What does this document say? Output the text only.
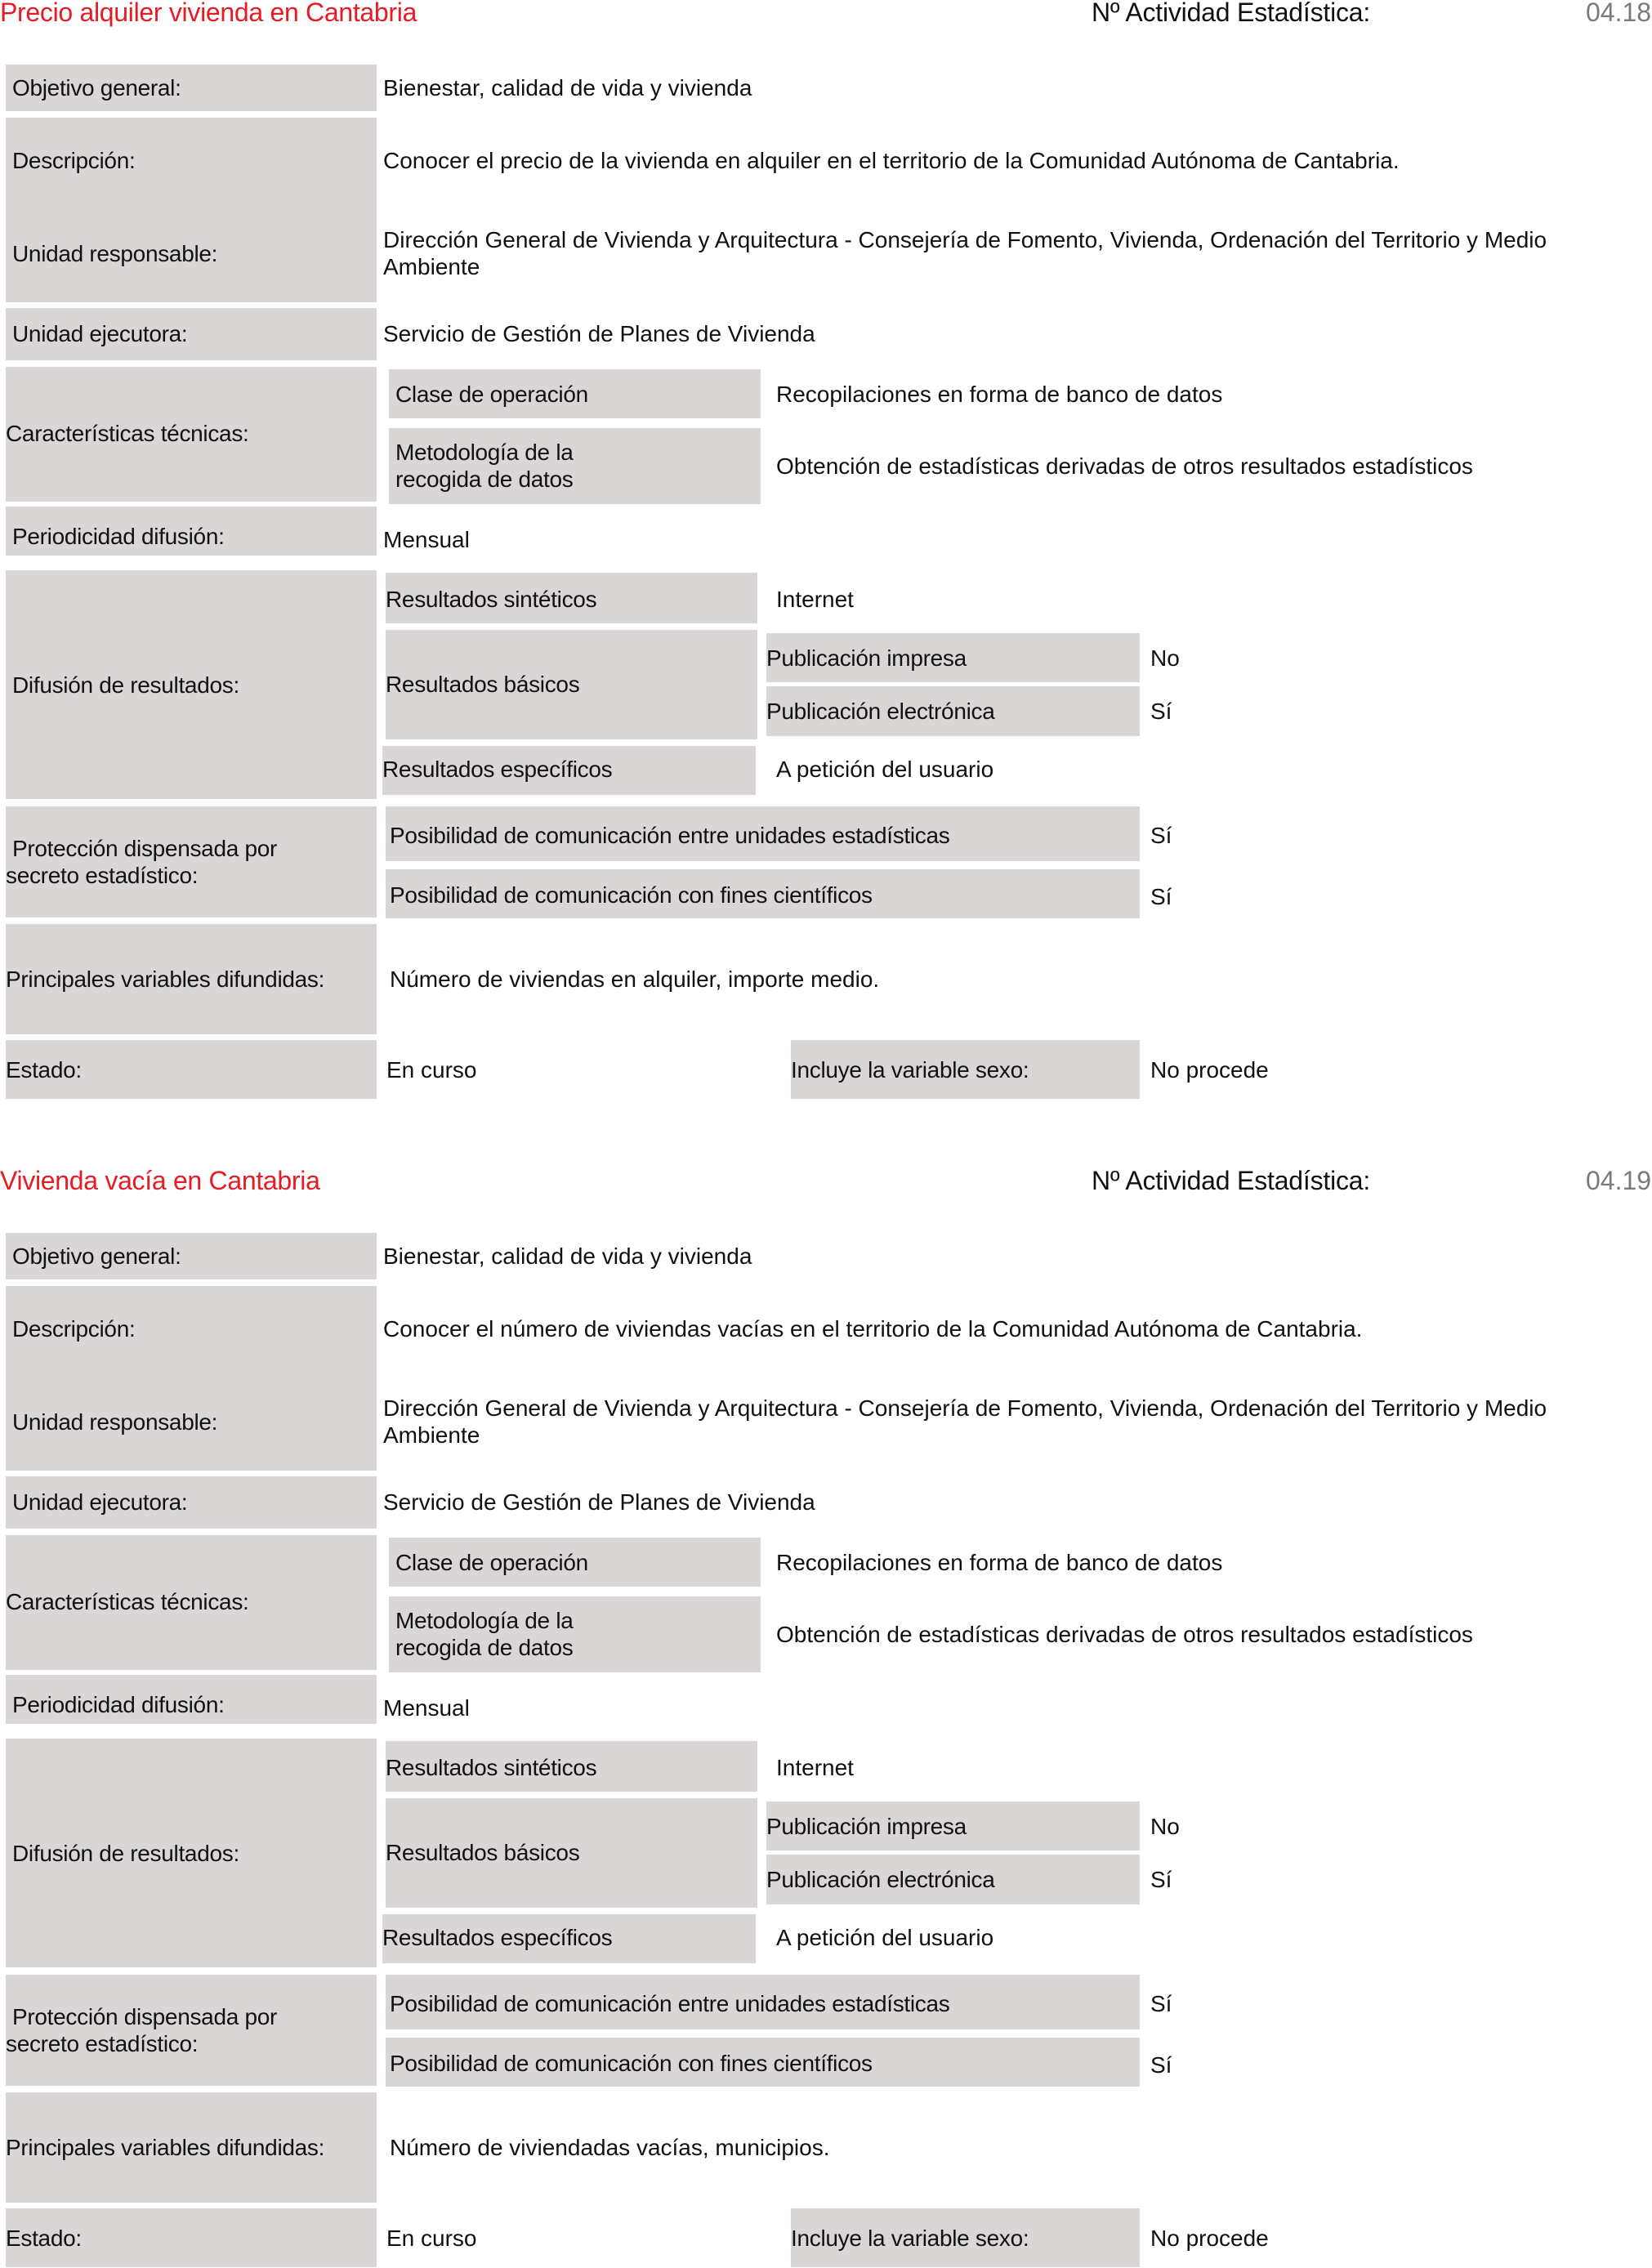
Precio alquiler vivienda en Cantabria	Nº Actividad Estadística:	04.18
Objetivo general:	Bienestar, calidad de vida y vivienda
Descripción:	Conocer el precio de la vivienda en alquiler en el territorio de la Comunidad Autónoma de Cantabria.
Unidad responsable:
Dirección General de Vivienda y Arquitectura - Consejería de Fomento, Vivienda, Ordenación del Territorio y Medio
Ambiente
Unidad ejecutora:	Servicio de Gestión de Planes de Vivienda
Características técnicas:
Clase de operación	Recopilaciones en forma de banco de datos
Metodología de la
recogida de datos
Obtención de estadísticas derivadas de otros resultados estadísticos
Periodicidad difusión:	Mensual
Difusión de resultados:
Resultados sintéticos	Internet
Resultados básicos
Publicación impresa	No
Publicación electrónica	Sí
Resultados específicos	A petición del usuario
Protección dispensada por
secreto estadístico:
Posibilidad de comunicación entre unidades estadísticas	Sí
Posibilidad de comunicación con fines científicos	Sí
Principales variables difundidas:	Número de viviendas en alquiler, importe medio.
Estado:	En curso	Incluye la variable sexo:	No procede
Vivienda vacía en Cantabria	Nº Actividad Estadística:	04.19
Objetivo general:	Bienestar, calidad de vida y vivienda
Descripción:	Conocer el número de viviendas vacías en el territorio de la Comunidad Autónoma de Cantabria.
Unidad responsable:
Dirección General de Vivienda y Arquitectura - Consejería de Fomento, Vivienda, Ordenación del Territorio y Medio
Ambiente
Unidad ejecutora:	Servicio de Gestión de Planes de Vivienda
Características técnicas:
Clase de operación	Recopilaciones en forma de banco de datos
Metodología de la
recogida de datos
Obtención de estadísticas derivadas de otros resultados estadísticos
Periodicidad difusión:	Mensual
Difusión de resultados:
Resultados sintéticos	Internet
Resultados básicos
Publicación impresa	No
Publicación electrónica	Sí
Resultados específicos	A petición del usuario
Protección dispensada por
secreto estadístico:
Posibilidad de comunicación entre unidades estadísticas	Sí
Posibilidad de comunicación con fines científicos	Sí
Principales variables difundidas:	Número de viviendadas vacías, municipios.
Estado:	En curso	Incluye la variable sexo:	No procede
